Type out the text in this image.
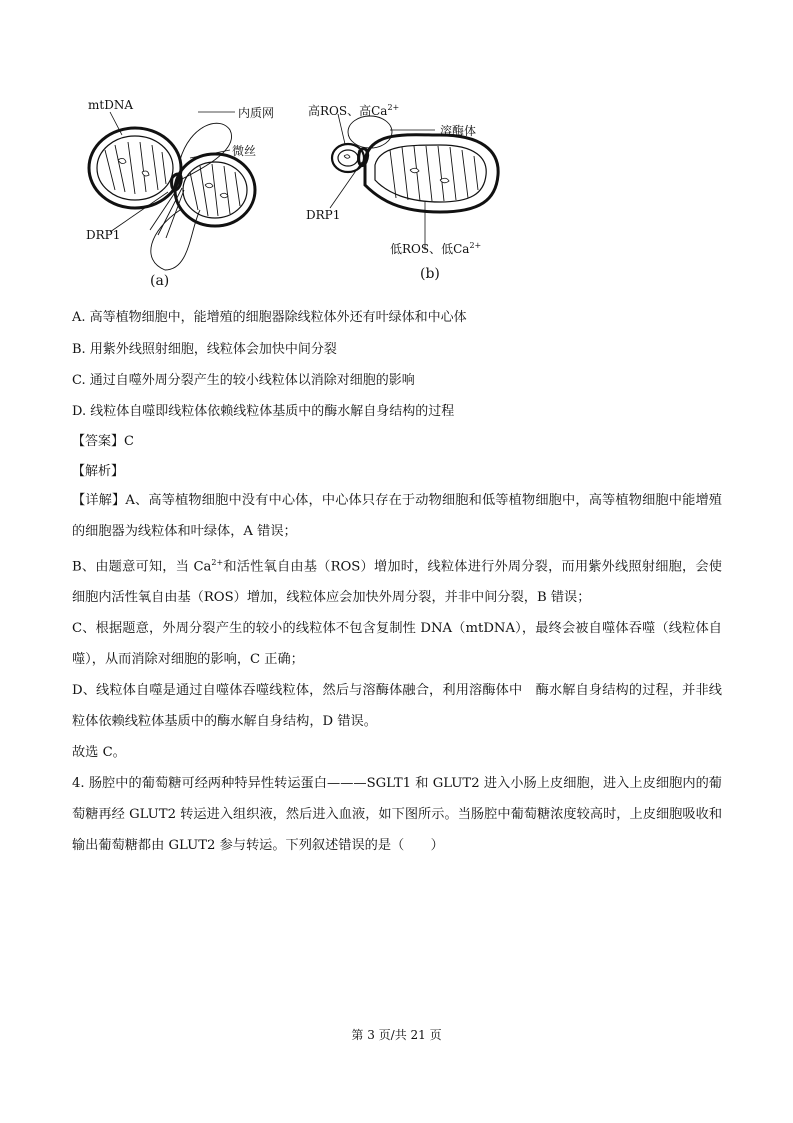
mtDNA
内质网
微丝
DRP1
(a)
高ROS、高$Ca^{2+}$
溶酶体
DRP1
低ROS、低$Ca^{2+}$
(b)
A. 高等植物细胞中，能增殖的细胞器除线粒体外还有叶绿体和中心体
B. 用紫外线照射细胞，线粒体会加快中间分裂
C. 通过自噬外周分裂产生的较小线粒体以消除对细胞的影响
D. 线粒体自噬即线粒体依赖线粒体基质中的酶水解自身结构的过程
【答案】C
【解析】

【详解】A、高等植物细胞中没有中心体，中心体只存在于动物细胞和低等植物细胞中，高等植物细胞中能增殖的细胞器为线粒体和叶绿体，A 错误；

B、由题意可知，当 $Ca^{2+}$和活性氧自由基（ROS）增加时，线粒体进行外周分裂，而用紫外线照射细胞，会使细胞内活性氧自由基（ROS）增加，线粒体应会加快外周分裂，并非中间分裂，B 错误；

C、根据题意，外周分裂产生的较小的线粒体不包含复制性 DNA（mtDNA），最终会被自噬体吞噬（线粒体自噬），从而消除对细胞的影响，C 正确；

D、线粒体自噬是通过自噬体吞噬线粒体，然后与溶酶体融合，利用溶酶体中　酶水解自身结构的过程，并非线粒体依赖线粒体基质中的酶水解自身结构，D 错误。

故选 C。

4. 肠腔中的葡萄糖可经两种特异性转运蛋白———SGLT1 和 GLUT2 进入小肠上皮细胞，进入上皮细胞内的葡萄糖再经 GLUT2 转运进入组织液，然后进入血液，如下图所示。当肠腔中葡萄糖浓度较高时，上皮细胞吸收和输出葡萄糖都由 GLUT2 参与转运。下列叙述错误的是（　　）

第 3 页/共 21 页
